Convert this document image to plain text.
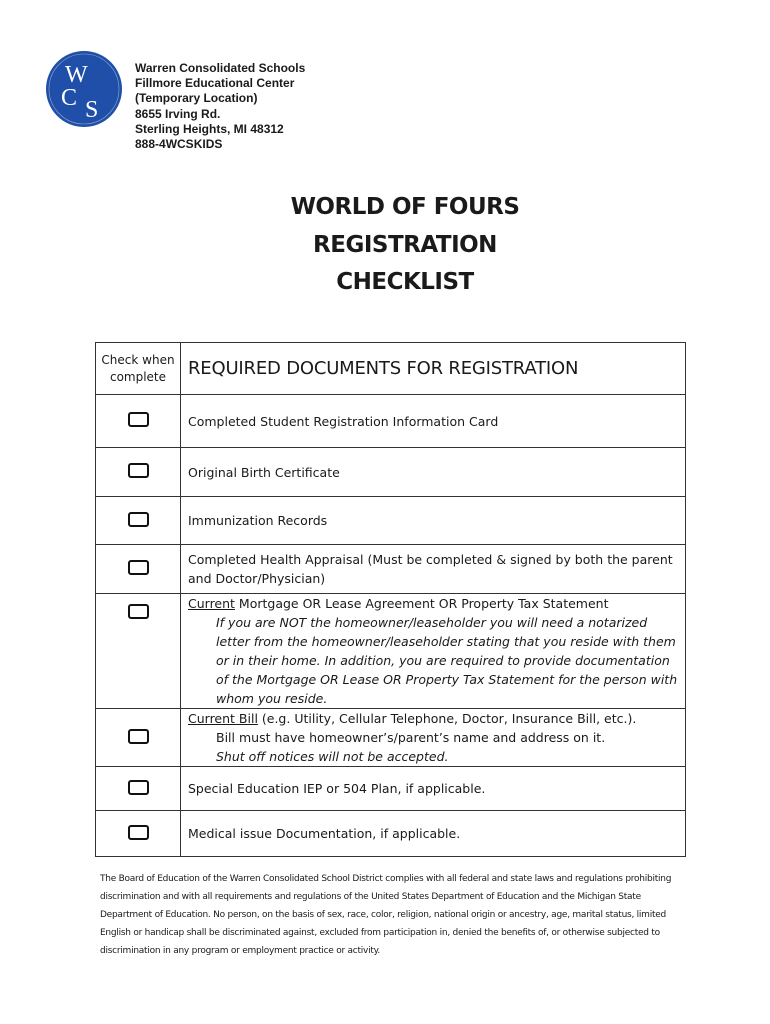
W
C S
Warren Consolidated Schools
Fillmore Educational Center
(Temporary Location)
8655 Irving Rd.
Sterling Heights, MI 48312
888-4WCSKIDS
WORLD OF FOURS
REGISTRATION
CHECKLIST
Check when
complete	REQUIRED DOCUMENTS FOR REGISTRATION
	Completed Student Registration Information Card
	Original Birth Certificate
	Immunization Records
	Completed Health Appraisal (Must be completed & signed by both the parent and Doctor/Physician)
	Current Mortgage OR Lease Agreement OR Property Tax Statement
If you are NOT the homeowner/leaseholder you will need a notarized letter from the homeowner/leaseholder stating that you reside with them or in their home. In addition, you are required to provide documentation of the Mortgage OR Lease OR Property Tax Statement for the person with whom you reside.

	Current Bill (e.g. Utility, Cellular Telephone, Doctor, Insurance Bill, etc.).
Bill must have homeowner’s/parent’s name and address on it.
Shut off notices will not be accepted.

	Special Education IEP or 504 Plan, if applicable.
	Medical issue Documentation, if applicable.
The Board of Education of the Warren Consolidated School District complies with all federal and state laws and regulations prohibiting discrimination and with all requirements and regulations of the United States Department of Education and the Michigan State Department of Education. No person, on the basis of sex, race, color, religion, national origin or ancestry, age, marital status, limited English or handicap shall be discriminated against, excluded from participation in, denied the benefits of, or otherwise subjected to discrimination in any program or employment practice or activity.
